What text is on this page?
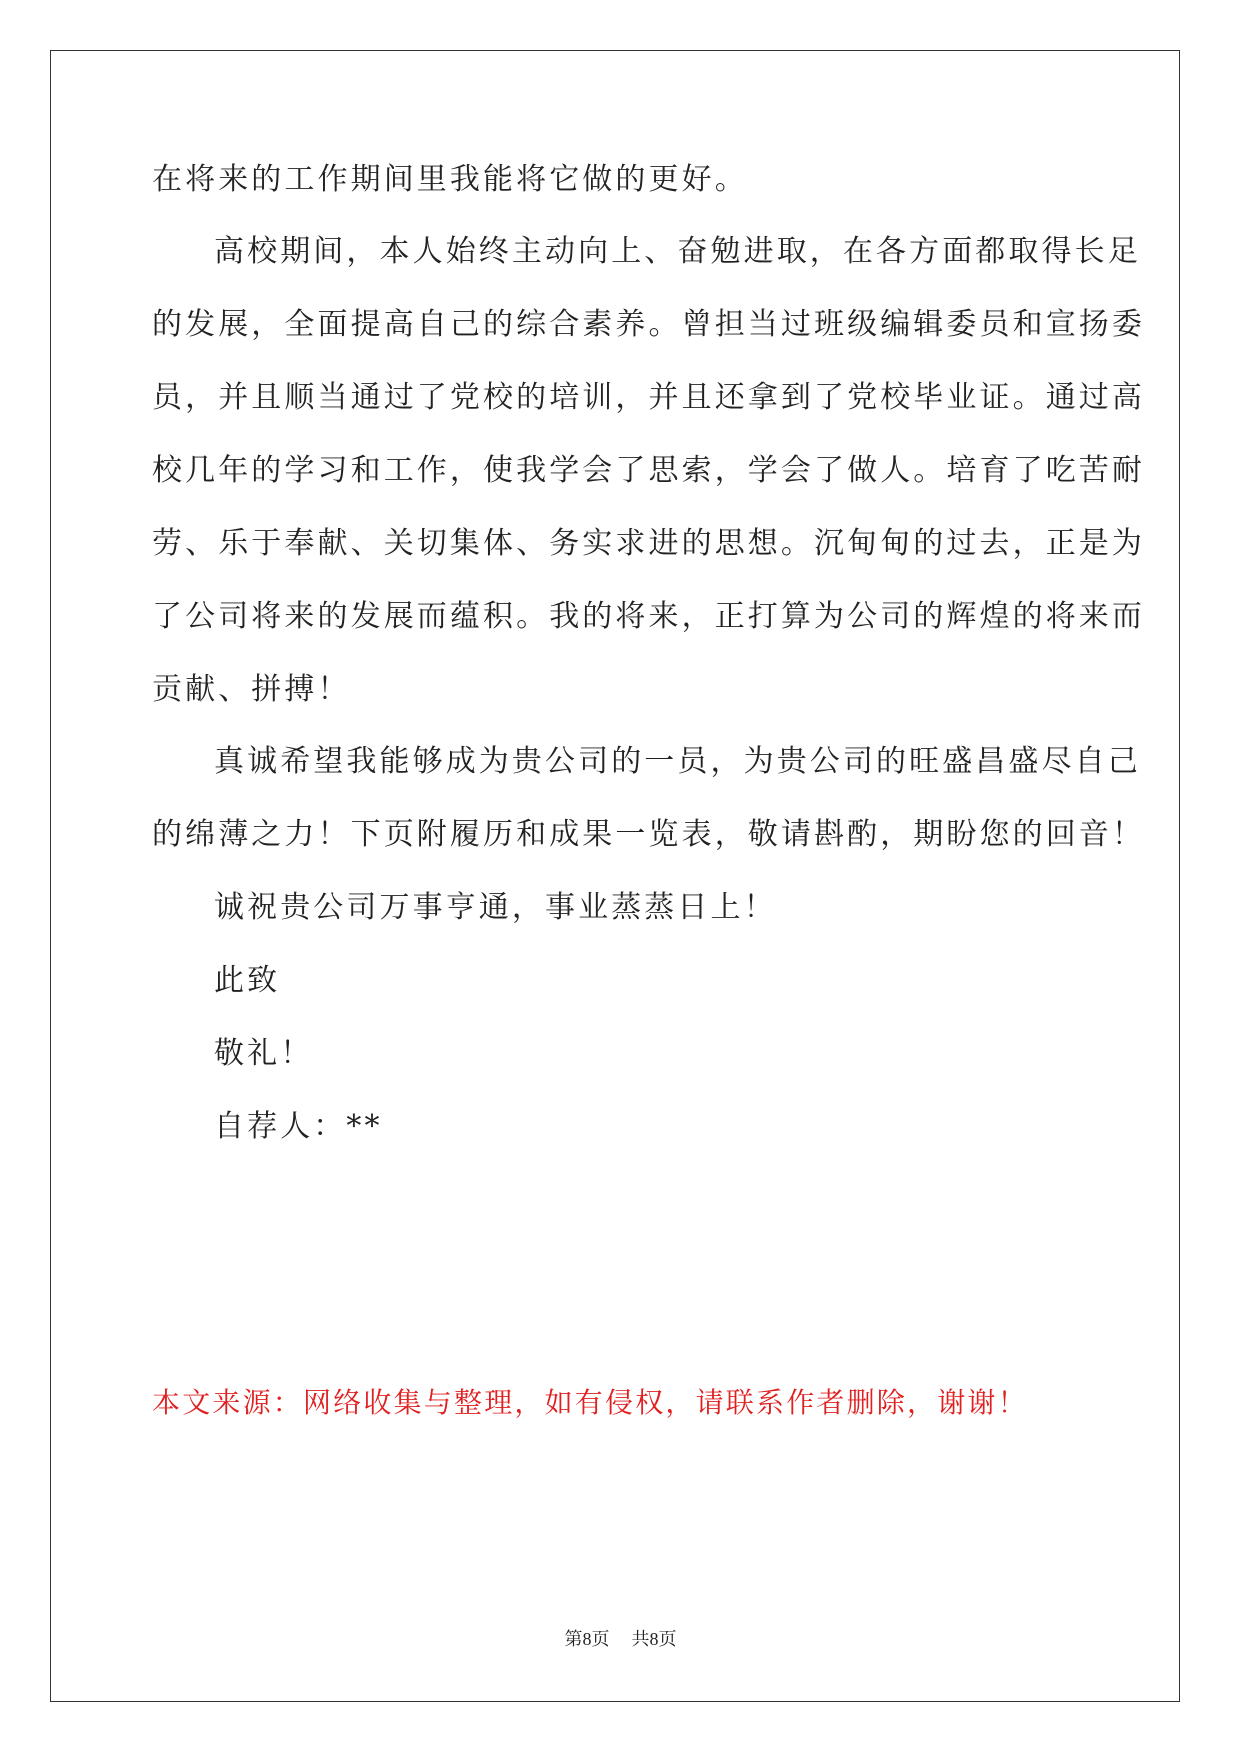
在将来的工作期间里我能将它做的更好。

高校期间，本人始终主动向上、奋勉进取，在各方面都取得长足

的发展，全面提高自己的综合素养。曾担当过班级编辑委员和宣扬委

员，并且顺当通过了党校的培训，并且还拿到了党校毕业证。通过高

校几年的学习和工作，使我学会了思索，学会了做人。培育了吃苦耐

劳、乐于奉献、关切集体、务实求进的思想。沉甸甸的过去，正是为

了公司将来的发展而蕴积。我的将来，正打算为公司的辉煌的将来而

贡献、拼搏！

真诚希望我能够成为贵公司的一员，为贵公司的旺盛昌盛尽自己

的绵薄之力！下页附履历和成果一览表，敬请斟酌，期盼您的回音！

诚祝贵公司万事亨通，事业蒸蒸日上！

此致

敬礼！

自荐人：**

本文来源：网络收集与整理，如有侵权，请联系作者删除，谢谢！
第8页 共8页
